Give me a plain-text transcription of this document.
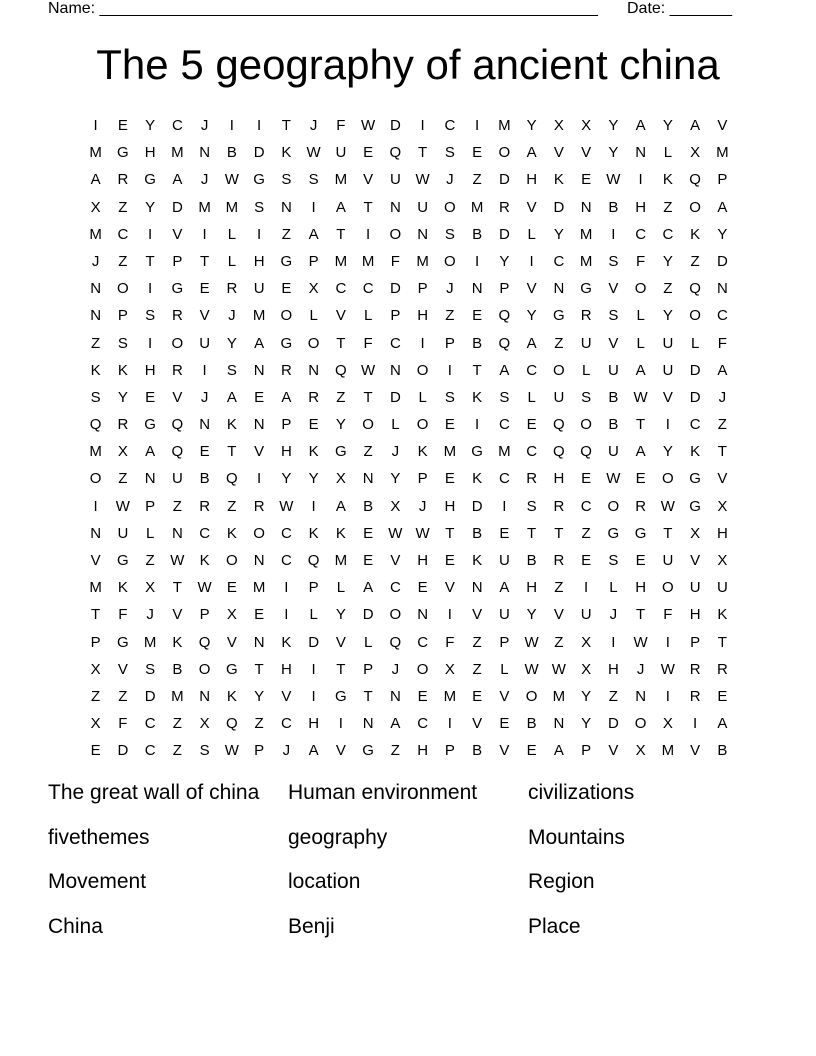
Name: ________________________________________________________

Date: _______

The 5 geography of ancient china
I	E	Y	C	J	I	I	T	J	F	W D	I	C	I	M	Y	X	X	Y	A	Y	A	V
M	G	H	M	N	B	D	K	W U	E	Q	T	S	E	O	A	V	V	Y	N	L	X	M
A	R	G	A	J	W G	S	S	M	V	U W	J	Z	D	H	K	E	W	I	K	Q	P
X	Z	Y	D	M M	S	N	I	A	T	N	U	O	M	R	V	D	N	B	H	Z	O	A
M	C	I	V	I	L	I	Z	A	T	I	O	N	S	B	D	L	Y	M	I	C	C	K	Y
J	Z	T	P	T	L	H	G	P	M M	F	M	O	I	Y	I	C	M	S	F	Y	Z	D
N	O	I	G	E	R	U	E	X	C	C	D	P	J	N	P	V	N	G	V	O	Z	Q	N
N	P	S	R	V	J	M	O	L	V	L	P	H	Z	E	Q	Y	G	R	S	L	Y	O	C
Z	S	I	O	U	Y	A	G	O	T	F	C	I	P	B	Q	A	Z	U	V	L	U	L	F
K	K	H	R	I	S	N	R	N	Q W N	O	I	T	A	C	O	L	U	A	U	D	A
S	Y	E	V	J	A	E	A	R	Z	T	D	L	S	K	S	L	U	S	B	W	V	D	J
Q	R	G	Q	N	K	N	P	E	Y	O	L	O	E	I	C	E	Q	O	B	T	I	C	Z
M	X	A	Q	E	T	V	H	K	G	Z	J	K	M	G	M	C	Q	Q	U	A	Y	K	T
O	Z	N	U	B	Q	I	Y	Y	X	N	Y	P	E	K	C	R	H	E	W	E	O	G	V
I	W	P	Z	R	Z	R W	I	A	B	X	J	H	D	I	S	R	C	O	R W G	X
N	U	L	N	C	K	O	C	K	K	E	W W	T	B	E	T	T	Z	G	G	T	X	H
V	G	Z	W	K	O	N	C	Q	M	E	V	H	E	K	U	B	R	E	S	E	U	V	X
M	K	X	T	W	E	M	I	P	L	A	C	E	V	N	A	H	Z	I	L	H	O	U	U
T	F	J	V	P	X	E	I	L	Y	D	O	N	I	V	U	Y	V	U	J	T	F	H	K
P	G	M	K	Q	V	N	K	D	V	L	Q	C	F	Z	P	W	Z	X	I	W	I	P	T
X	V	S	B	O	G	T	H	I	T	P	J	O	X	Z	L	W W	X	H	J	W R	R
Z	Z	D	M	N	K	Y	V	I	G	T	N	E	M	E	V	O	M	Y	Z	N	I	R	E
X	F	C	Z	X	Q	Z	C	H	I	N	A	C	I	V	E	B	N	Y	D	O	X	I	A
E	D	C	Z	S	W	P	J	A	V	G	Z	H	P	B	V	E	A	P	V	X	M	V	B
The great wall of china	Human environment	civilizations
fivethemes	geography	Mountains
Movement	location	Region
China	Benji	Place
